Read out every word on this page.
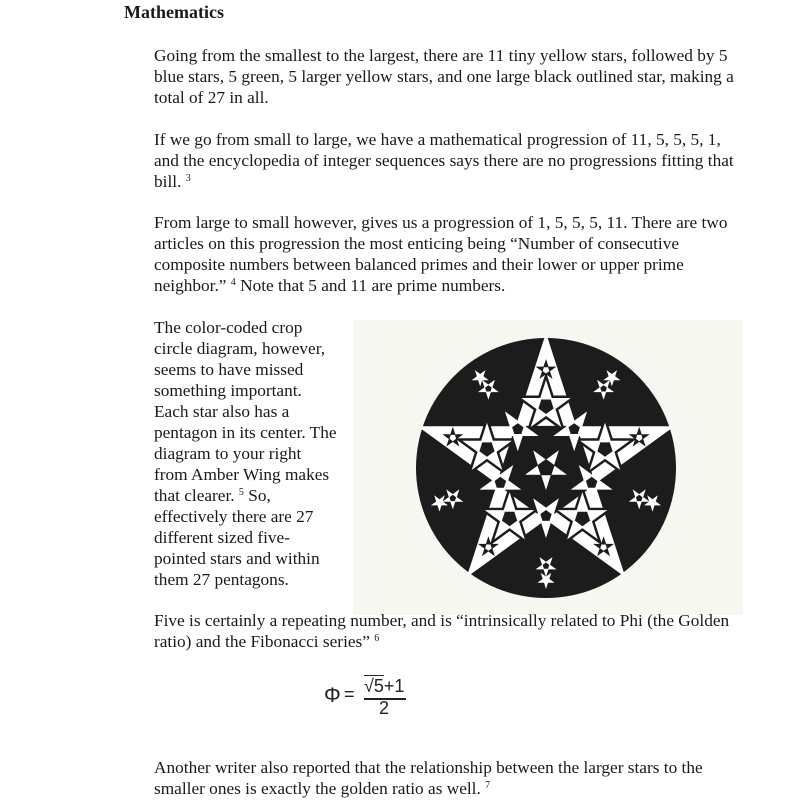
Mathematics

Going from the smallest to the largest, there are 11 tiny yellow stars, followed by 5 blue stars, 5 green, 5 larger yellow stars, and one large black outlined star, making a total of 27 in all.

If we go from small to large, we have a mathematical progression of 11, 5, 5, 5, 1, and the encyclopedia of integer sequences says there are no progressions fitting that bill. $^3$

From large to small however, gives us a progression of 1, 5, 5, 5, 11. There are two articles on this progression the most enticing being “Number of consecutive composite numbers between balanced primes and their lower or upper prime neighbor.” $^4$ Note that 5 and 11 are prime numbers.

The color-coded crop circle diagram, however, seems to have missed something important. Each star also has a pentagon in its center. The diagram to your right from Amber Wing makes that clearer. $^5$ So, effectively there are 27 different sized five-pointed stars and within them 27 pentagons.

Five is certainly a repeating number, and is “intrinsically related to Phi (the Golden ratio) and the Fibonacci series” $^6$

Φ = √5+1
2

Another writer also reported that the relationship between the larger stars to the smaller ones is exactly the golden ratio as well. $^7$
